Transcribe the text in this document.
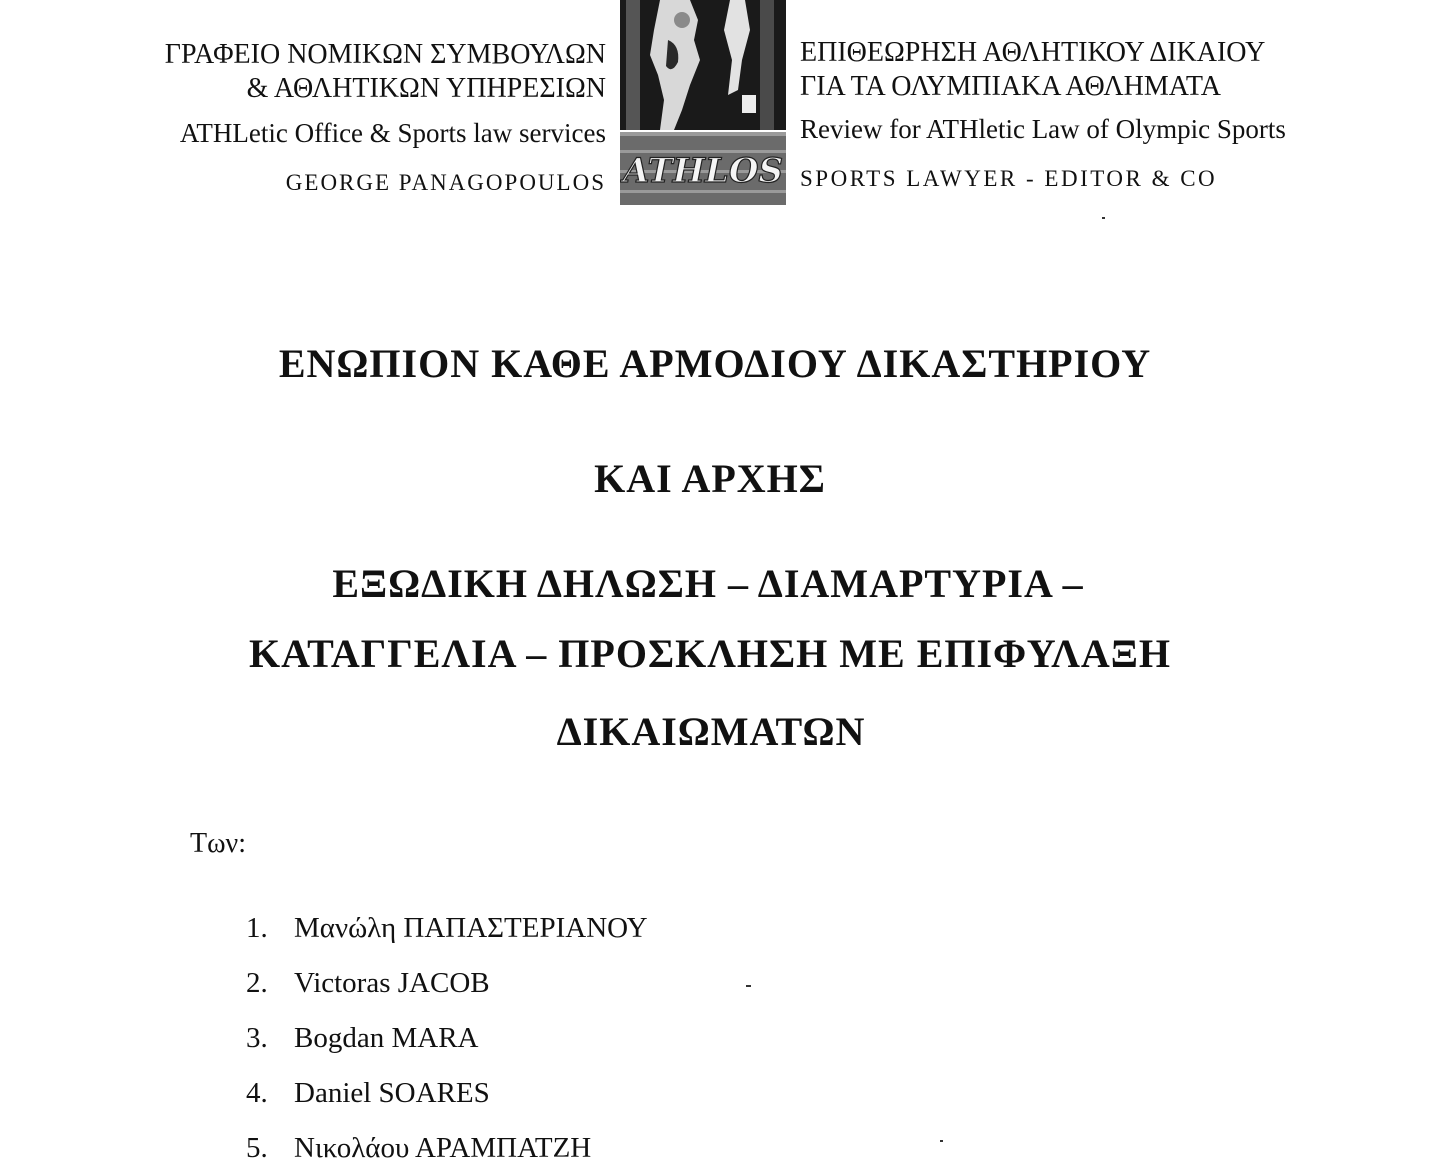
ΓΡΑΦΕΙΟ ΝΟΜΙΚΩΝ ΣΥΜΒΟΥΛΩΝ
& ΑΘΛΗΤΙΚΩΝ ΥΠΗΡΕΣΙΩΝ
ATHLetic Office & Sports law services
GEORGE PANAGOPOULOS ATHLOS
ΕΠΙΘΕΩΡΗΣΗ ΑΘΛΗΤΙΚΟΥ ΔΙΚΑΙΟΥ
ΓΙΑ ΤΑ ΟΛΥΜΠΙΑΚΑ ΑΘΛΗΜΑΤΑ
Review for ATHletic Law of Olympic Sports
SPORTS LAWYER - EDITOR & CO
ΕΝΩΠΙΟΝ ΚΑΘΕ ΑΡΜΟΔΙΟΥ ΔΙΚΑΣΤΗΡΙΟΥ
ΚΑΙ ΑΡΧΗΣ
ΕΞΩΔΙΚΗ ΔΗΛΩΣΗ – ΔΙΑΜΑΡΤΥΡΙΑ –
ΚΑΤΑΓΓΕΛΙΑ – ΠΡΟΣΚΛΗΣΗ ΜΕ ΕΠΙΦΥΛΑΞΗ
ΔΙΚΑΙΩΜΑΤΩΝ
Των:
1. Μανώλη ΠΑΠΑΣΤΕΡΙΑΝΟΥ
2. Victoras JACOB
3. Bogdan MARA
4. Daniel SOARES
5. Νικολάου ΑΡΑΜΠΑΤΖΗ
